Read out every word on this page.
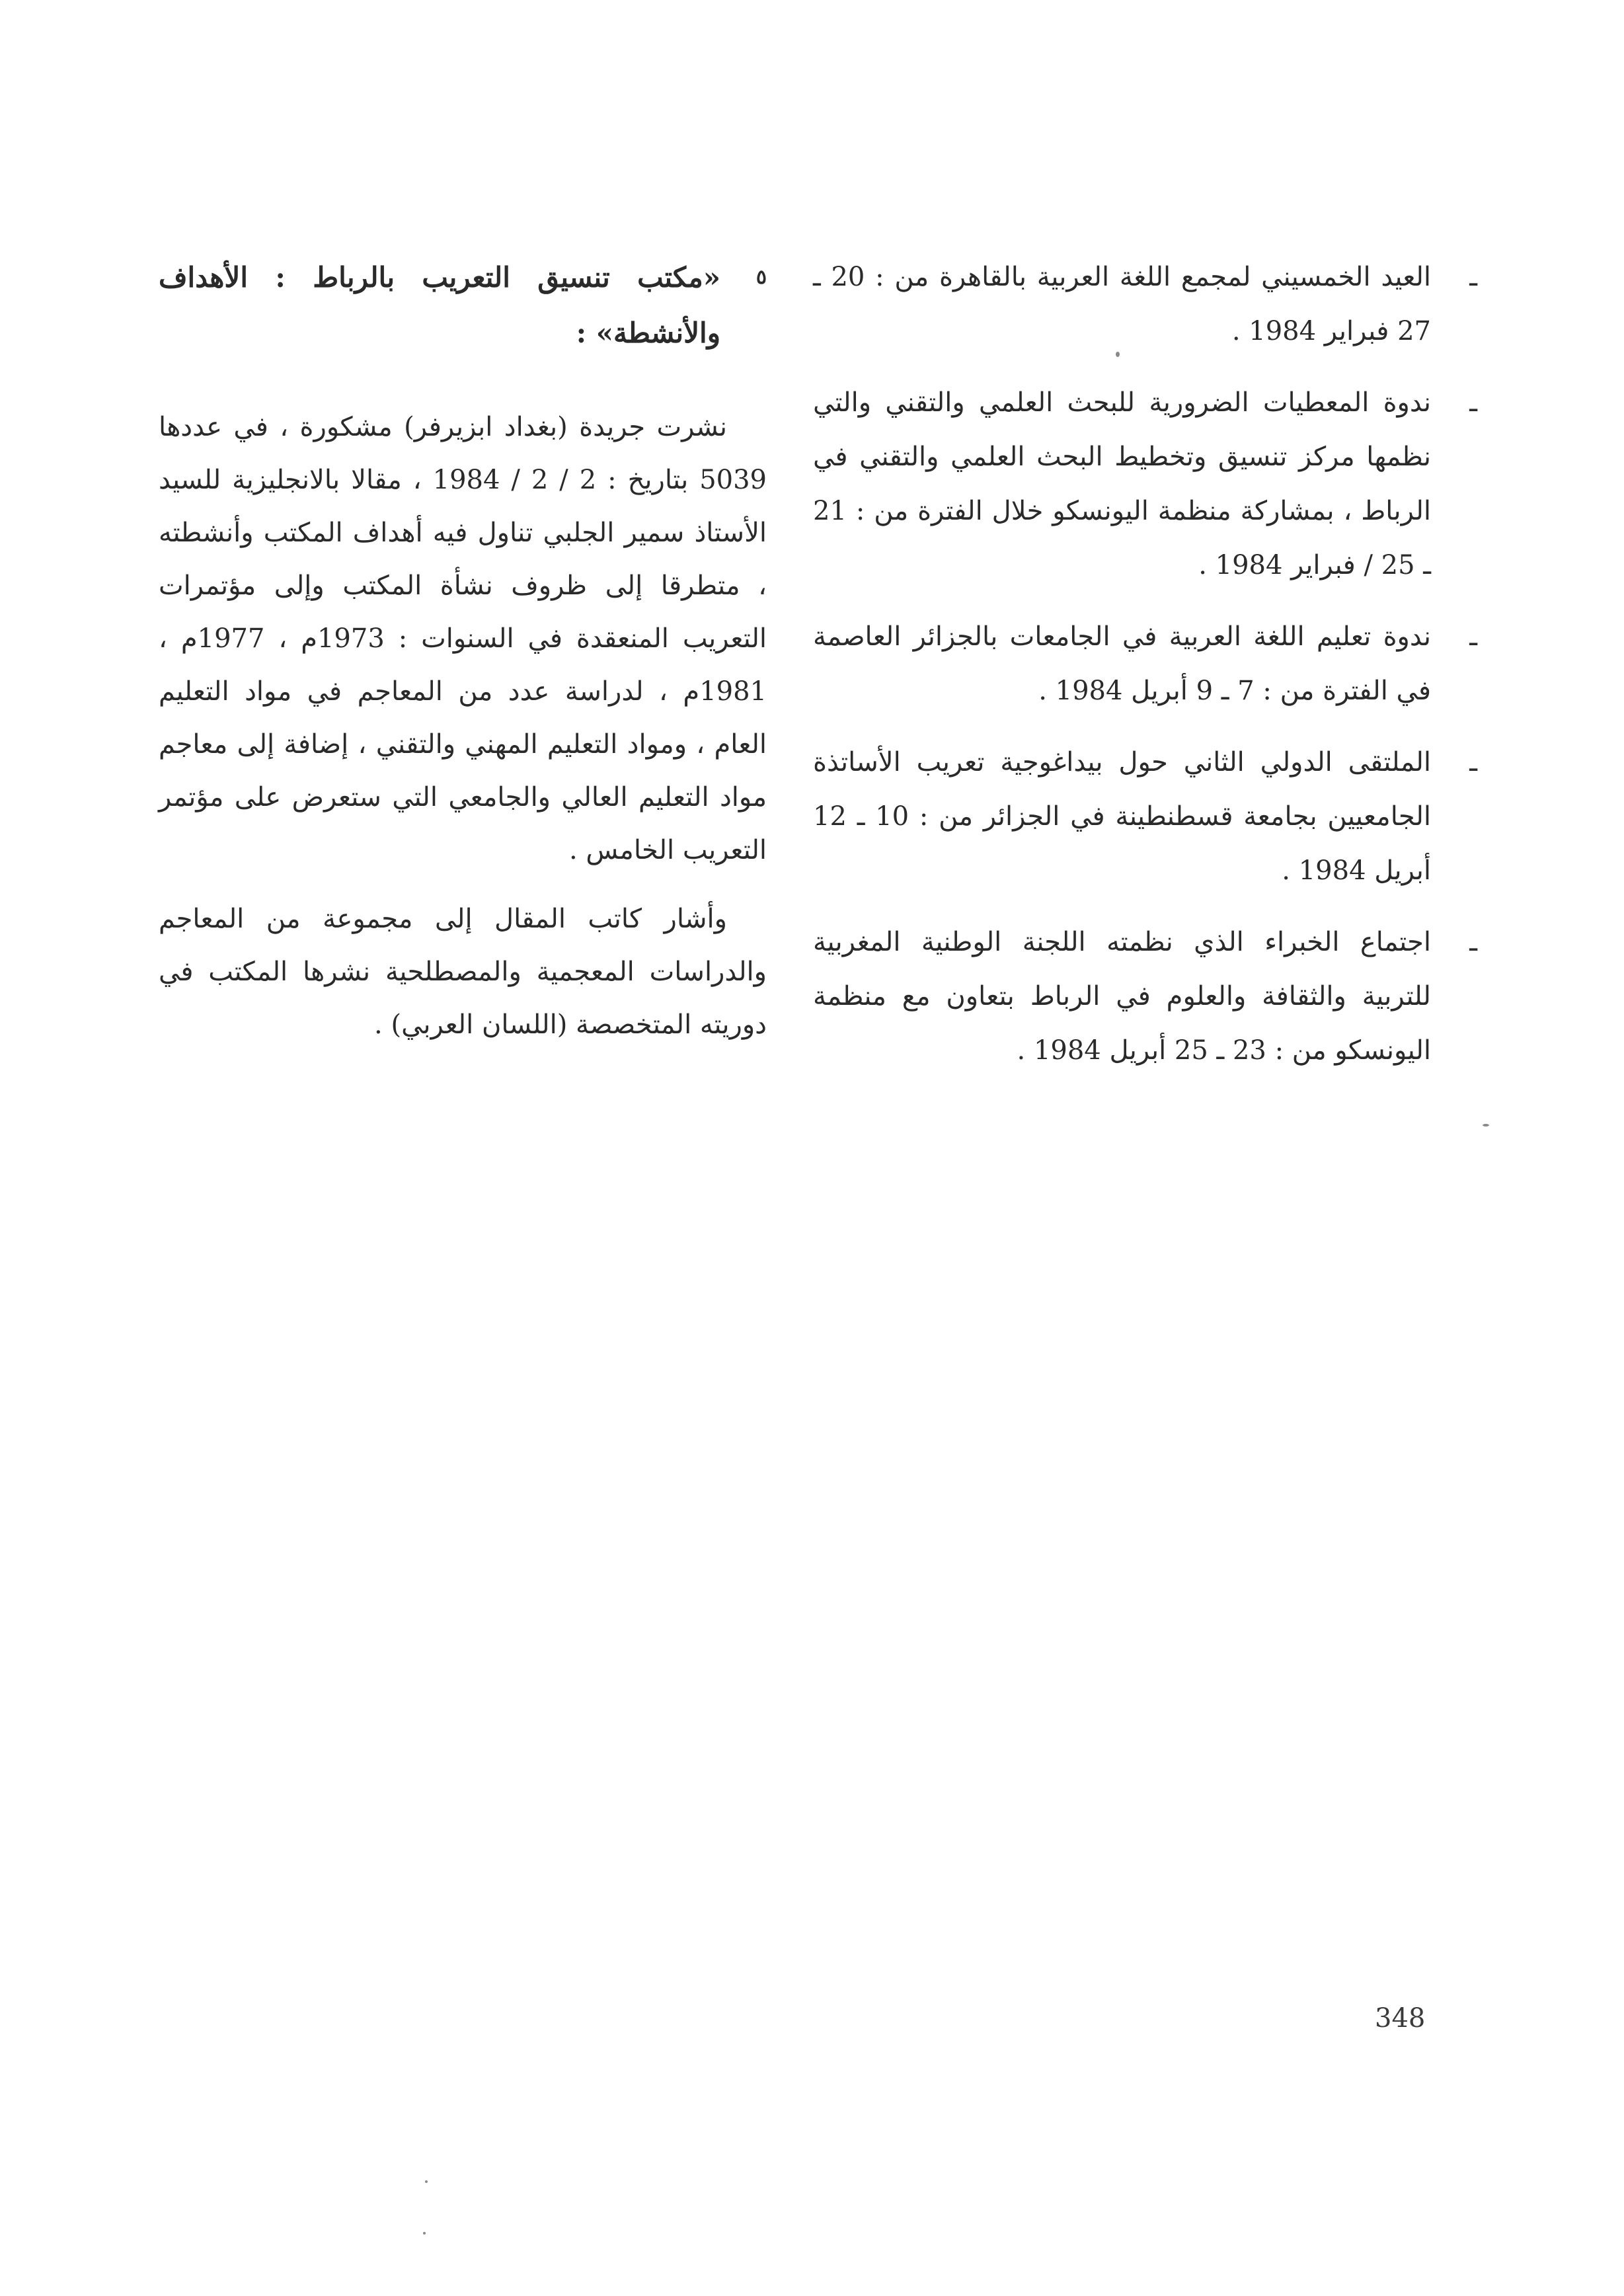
ـ
العيد الخمسيني لمجمع اللغة العربية بالقاهرة من : 20 ـ 27 فبراير 1984 .
ـ
ندوة المعطيات الضرورية للبحث العلمي والتقني والتي نظمها مركز تنسيق وتخطيط البحث العلمي والتقني في الرباط ، بمشاركة منظمة اليونسكو خلال الفترة من : 21 ـ 25 / فبراير 1984 .
ـ
ندوة تعليم اللغة العربية في الجامعات بالجزائر العاصمة في الفترة من : 7 ـ 9 أبريل 1984 .
ـ
الملتقى الدولي الثاني حول بيداغوجية تعريب الأساتذة الجامعيين بجامعة قسطنطينة في الجزائر من : 10 ـ 12 أبريل 1984 .
ـ
اجتماع الخبراء الذي نظمته اللجنة الوطنية المغربية للتربية والثقافة والعلوم في الرباط بتعاون مع منظمة اليونسكو من : 23 ـ 25 أبريل 1984 .
٥
«مكتب تنسيق التعريب بالرباط : الأهداف والأنشطة» :

نشرت جريدة (بغداد ابزيرفر) مشكورة ، في عددها 5039 بتاريخ : 2 / 2 / 1984 ، مقالا بالانجليزية للسيد الأستاذ سمير الجلبي تناول فيه أهداف المكتب وأنشطته ، متطرقا إلى ظروف نشأة المكتب وإلى مؤتمرات التعريب المنعقدة في السنوات : 1973م ، 1977م ، 1981م ، لدراسة عدد من المعاجم في مواد التعليم العام ، ومواد التعليم المهني والتقني ، إضافة إلى معاجم مواد التعليم العالي والجامعي التي ستعرض على مؤتمر التعريب الخامس .

وأشار كاتب المقال إلى مجموعة من المعاجم والدراسات المعجمية والمصطلحية نشرها المكتب في دوريته المتخصصة (اللسان العربي) .

348
